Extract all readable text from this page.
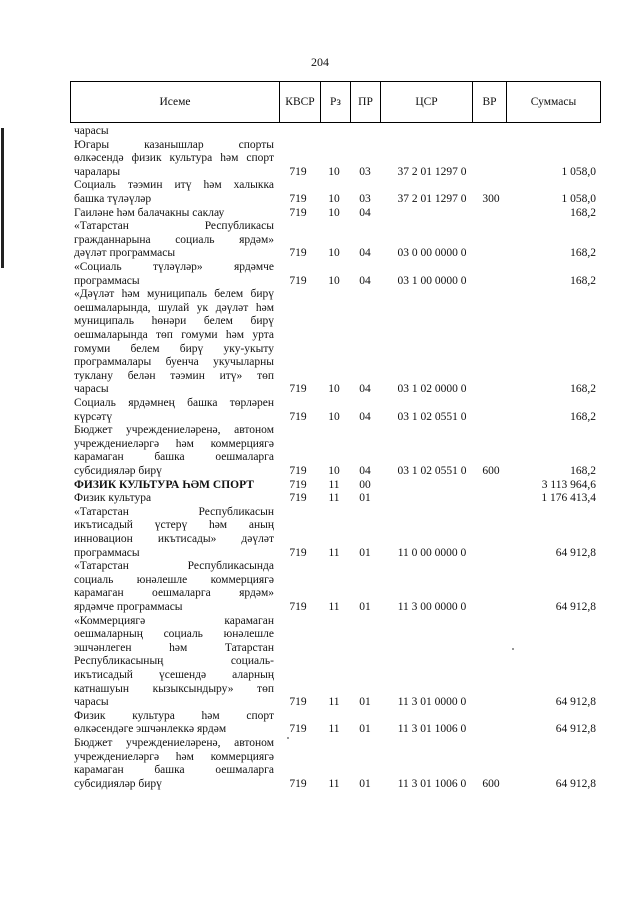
204
Исеме	КВСР	Рз	ПР	ЦСР	ВР	Суммасы
чарасы
Югары казанышлар спорты
өлкәсендә физик культура һәм спорт
чаралары	719	10	03	37 2 01 1297 0	1 058,0
Социаль тәэмин итү һәм халыкка
башка түләүләр	719	10	03	37 2 01 1297 0	300	1 058,0
Гаиләне һәм балачакны саклау	719	10	04	168,2
«Татарстан Республикасы
гражданнарына социаль ярдәм»
дәүләт программасы	719	10	04	03 0 00 0000 0	168,2
«Социаль түләүләр» ярдәмче
программасы	719	10	04	03 1 00 0000 0	168,2
«Дәүләт һәм муниципаль белем бирү
оешмаларында, шулай ук дәүләт һәм
муниципаль һөнәри белем бирү
оешмаларында төп гомуми һәм урта
гомуми белем бирү уку-укыту
программалары буенча укучыларны
туклану белән тәэмин итү» төп
чарасы	719	10	04	03 1 02 0000 0	168,2
Социаль ярдәмнең башка төрләрен
күрсәтү	719	10	04	03 1 02 0551 0	168,2
Бюджет учреждениеләренә, автоном
учреждениеләргә һәм коммерциягә
карамаган башка оешмаларга
субсидияләр бирү	719	10	04	03 1 02 0551 0	600	168,2
ФИЗИК КУЛЬТУРА ҺӘМ СПОРТ	719	11	00	3 113 964,6
Физик культура	719	11	01	1 176 413,4
«Татарстан Республикасын
икътисадый үстерү һәм аның
инновацион икътисады» дәүләт
программасы	719	11	01	11 0 00 0000 0	64 912,8
«Татарстан Республикасында
социаль юнәлешле коммерциягә
карамаган оешмаларга ярдәм»
ярдәмче программасы	719	11	01	11 3 00 0000 0	64 912,8
«Коммерциягә карамаган
оешмаларның социаль юнәлешле
эшчәнлеген һәм Татарстан
Республикасының социаль-
икътисадый үсешендә аларның
катнашуын кызыксындыру» төп
чарасы	719	11	01	11 3 01 0000 0	64 912,8
Физик культура һәм спорт
өлкәсендәге эшчәнлеккә ярдәм	719	11	01	11 3 01 1006 0	64 912,8
Бюджет учреждениеләренә, автоном
учреждениеләргә һәм коммерциягә
карамаган башка оешмаларга
субсидияләр бирү	719	11	01	11 3 01 1006 0	600	64 912,8
